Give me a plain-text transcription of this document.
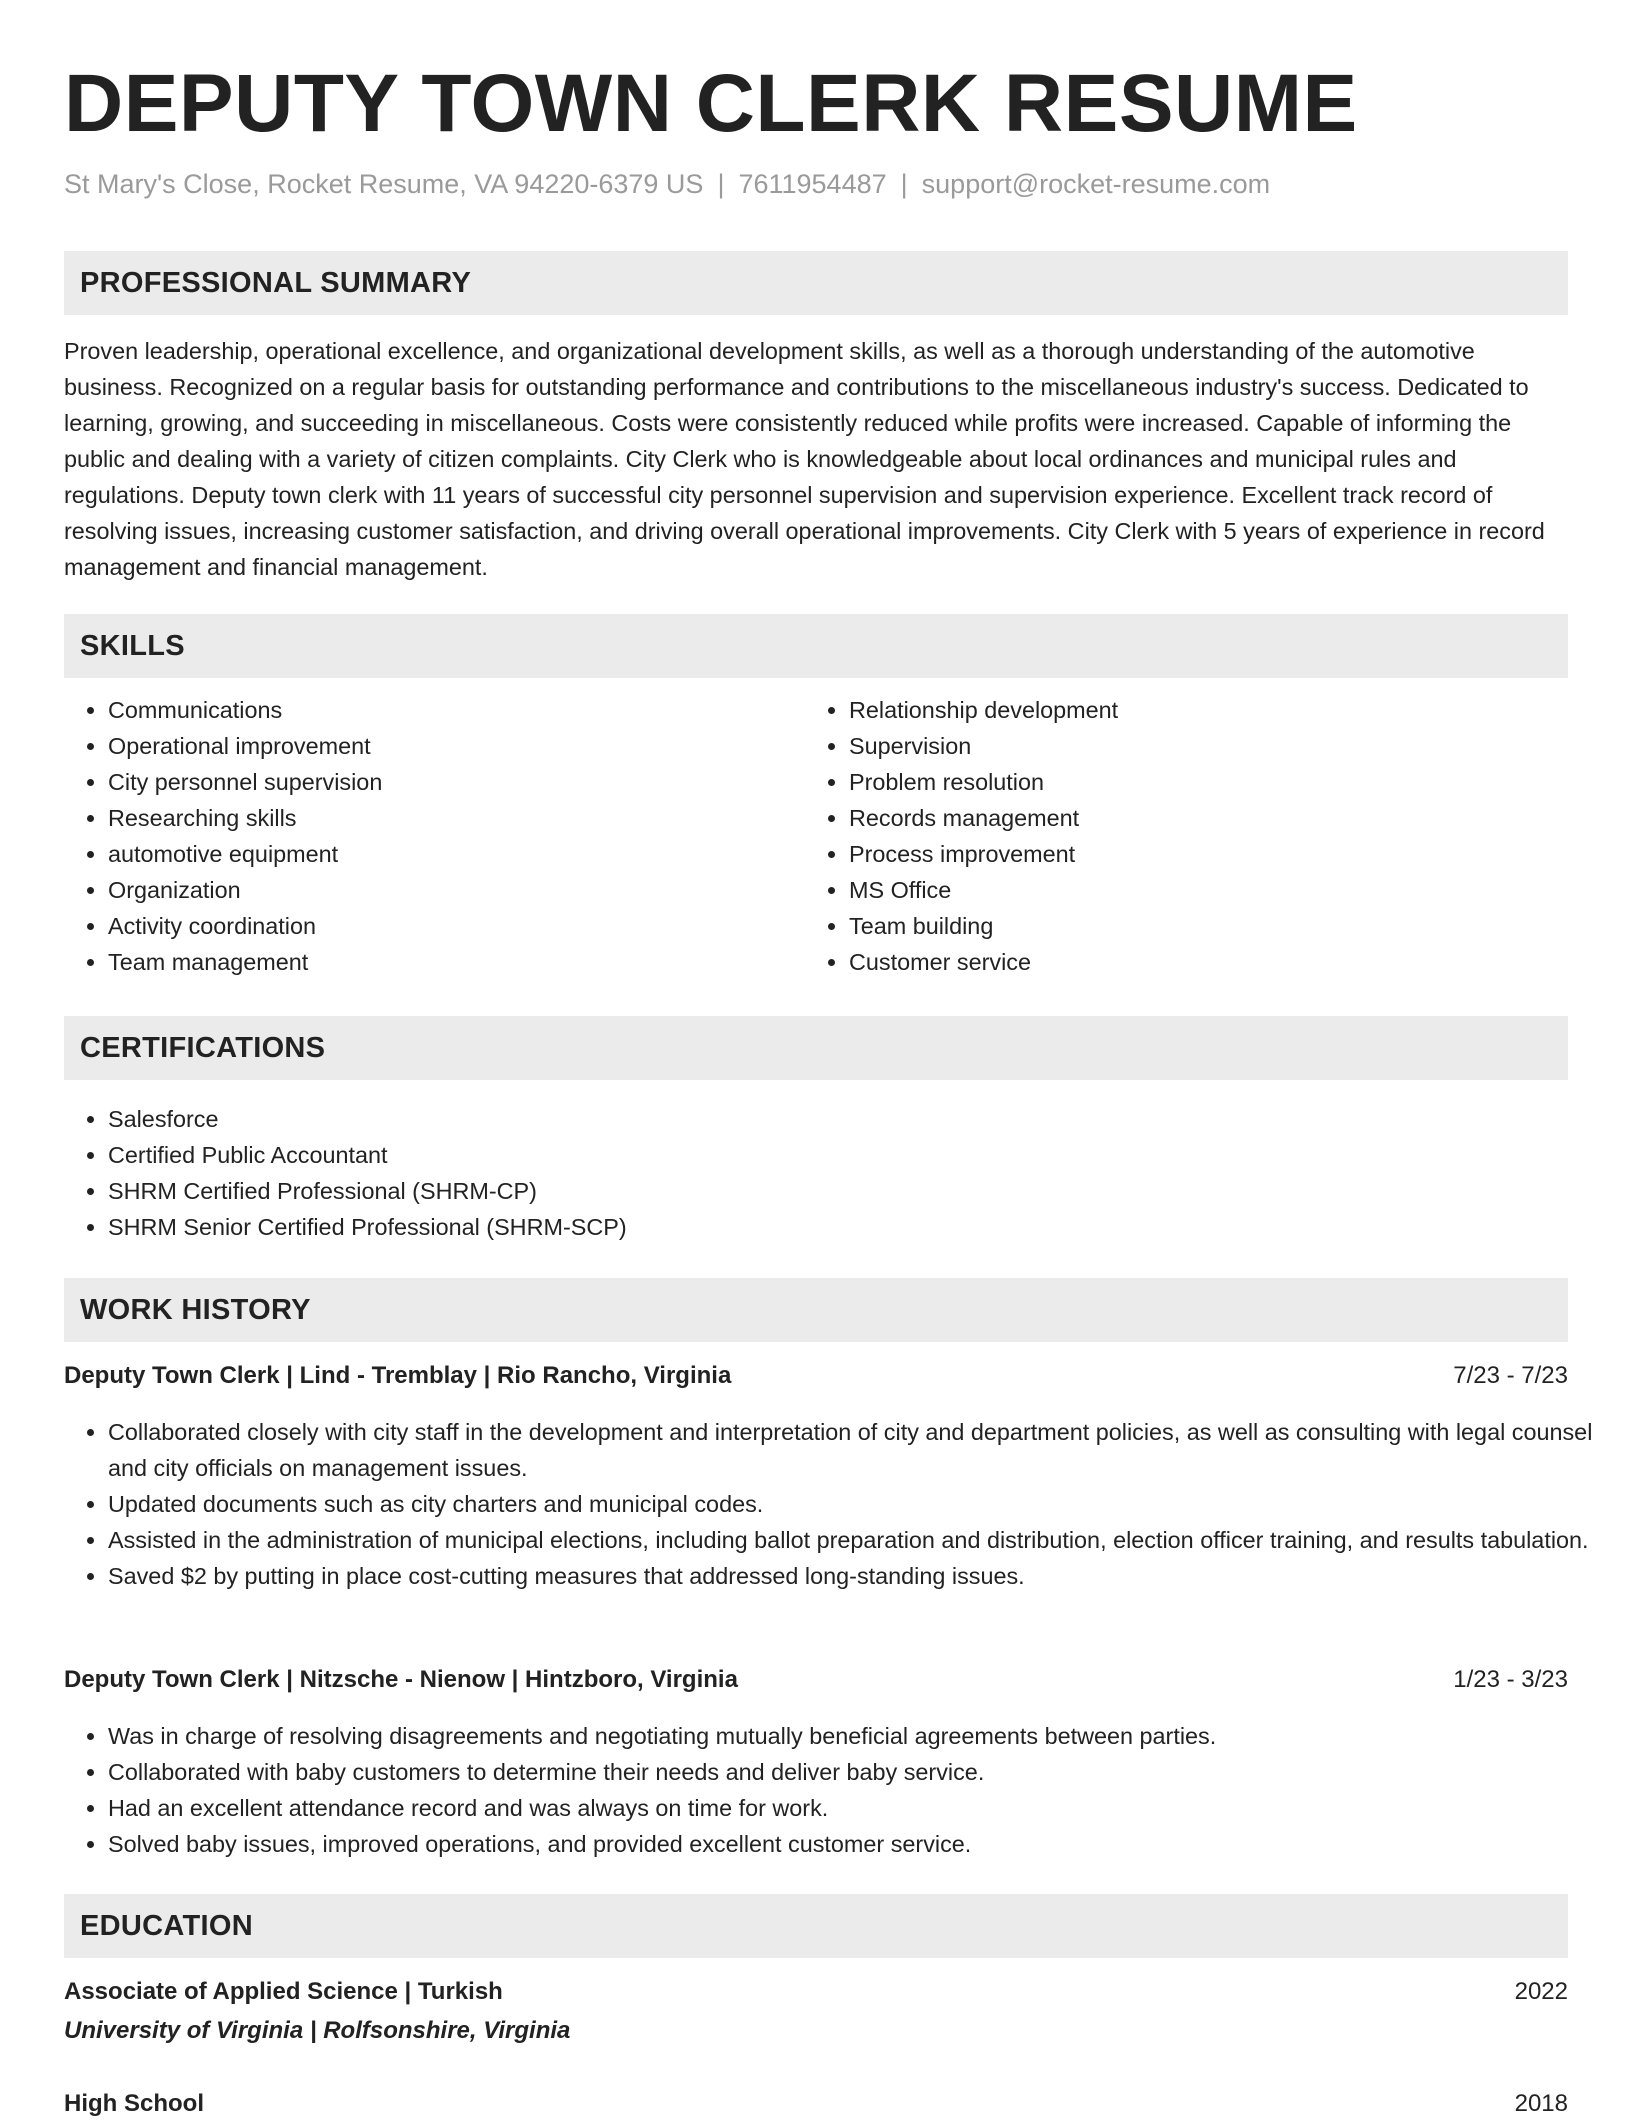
DEPUTY TOWN CLERK RESUME
St Mary's Close, Rocket Resume, VA 94220-6379 US | 7611954487 | support@rocket-resume.com
PROFESSIONAL SUMMARY

Proven leadership, operational excellence, and organizational development skills, as well as a thorough understanding of the automotive business. Recognized on a regular basis for outstanding performance and contributions to the miscellaneous industry's success. Dedicated to learning, growing, and succeeding in miscellaneous. Costs were consistently reduced while profits were increased. Capable of informing the public and dealing with a variety of citizen complaints. City Clerk who is knowledgeable about local ordinances and municipal rules and regulations. Deputy town clerk with 11 years of successful city personnel supervision and supervision experience. Excellent track record of resolving issues, increasing customer satisfaction, and driving overall operational improvements. City Clerk with 5 years of experience in record management and financial management.

SKILLS
• Communications
• Operational improvement
• City personnel supervision
• Researching skills
• automotive equipment
• Organization
• Activity coordination
• Team management
• Relationship development
• Supervision
• Problem resolution
• Records management
• Process improvement
• MS Office
• Team building
• Customer service
CERTIFICATIONS
• Salesforce
• Certified Public Accountant
• SHRM Certified Professional (SHRM-CP)
• SHRM Senior Certified Professional (SHRM-SCP)
WORK HISTORY
Deputy Town Clerk | Lind - Tremblay | Rio Rancho, Virginia	7/23 - 7/23
• Collaborated closely with city staff in the development and interpretation of city and department policies, as well as consulting with legal counsel and city officials on management issues.
• Updated documents such as city charters and municipal codes.
• Assisted in the administration of municipal elections, including ballot preparation and distribution, election officer training, and results tabulation.
• Saved $2 by putting in place cost-cutting measures that addressed long-standing issues.
Deputy Town Clerk | Nitzsche - Nienow | Hintzboro, Virginia	1/23 - 3/23
• Was in charge of resolving disagreements and negotiating mutually beneficial agreements between parties.
• Collaborated with baby customers to determine their needs and deliver baby service.
• Had an excellent attendance record and was always on time for work.
• Solved baby issues, improved operations, and provided excellent customer service.
EDUCATION
Associate of Applied Science | Turkish	2022
University of Virginia | Rolfsonshire, Virginia
High School	2018
